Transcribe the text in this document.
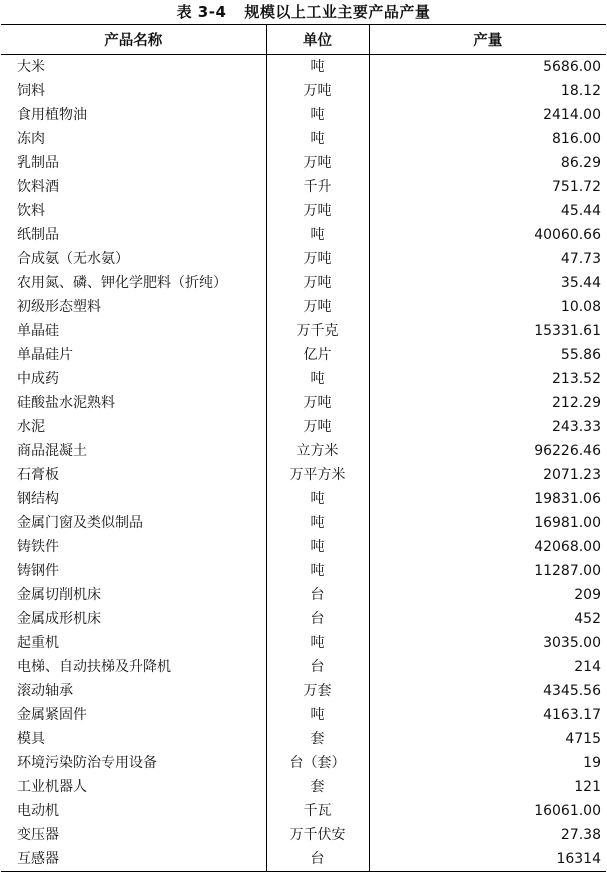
表 3-4 规模以上工业主要产品产量
产品名称	单位	产量
大米	吨	5686.00
饲料	万吨	18.12
食用植物油	吨	2414.00
冻肉	吨	816.00
乳制品	万吨	86.29
饮料酒	千升	751.72
饮料	万吨	45.44
纸制品	吨	40060.66
合成氨（无水氨）	万吨	47.73
农用氮、磷、钾化学肥料（折纯）	万吨	35.44
初级形态塑料	万吨	10.08
单晶硅	万千克	15331.61
单晶硅片	亿片	55.86
中成药	吨	213.52
硅酸盐水泥熟料	万吨	212.29
水泥	万吨	243.33
商品混凝土	立方米	96226.46
石膏板	万平方米	2071.23
钢结构	吨	19831.06
金属门窗及类似制品	吨	16981.00
铸铁件	吨	42068.00
铸钢件	吨	11287.00
金属切削机床	台	209
金属成形机床	台	452
起重机	吨	3035.00
电梯、自动扶梯及升降机	台	214
滚动轴承	万套	4345.56
金属紧固件	吨	4163.17
模具	套	4715
环境污染防治专用设备	台（套）	19
工业机器人	套	121
电动机	千瓦	16061.00
变压器	万千伏安	27.38
互感器	台	16314
